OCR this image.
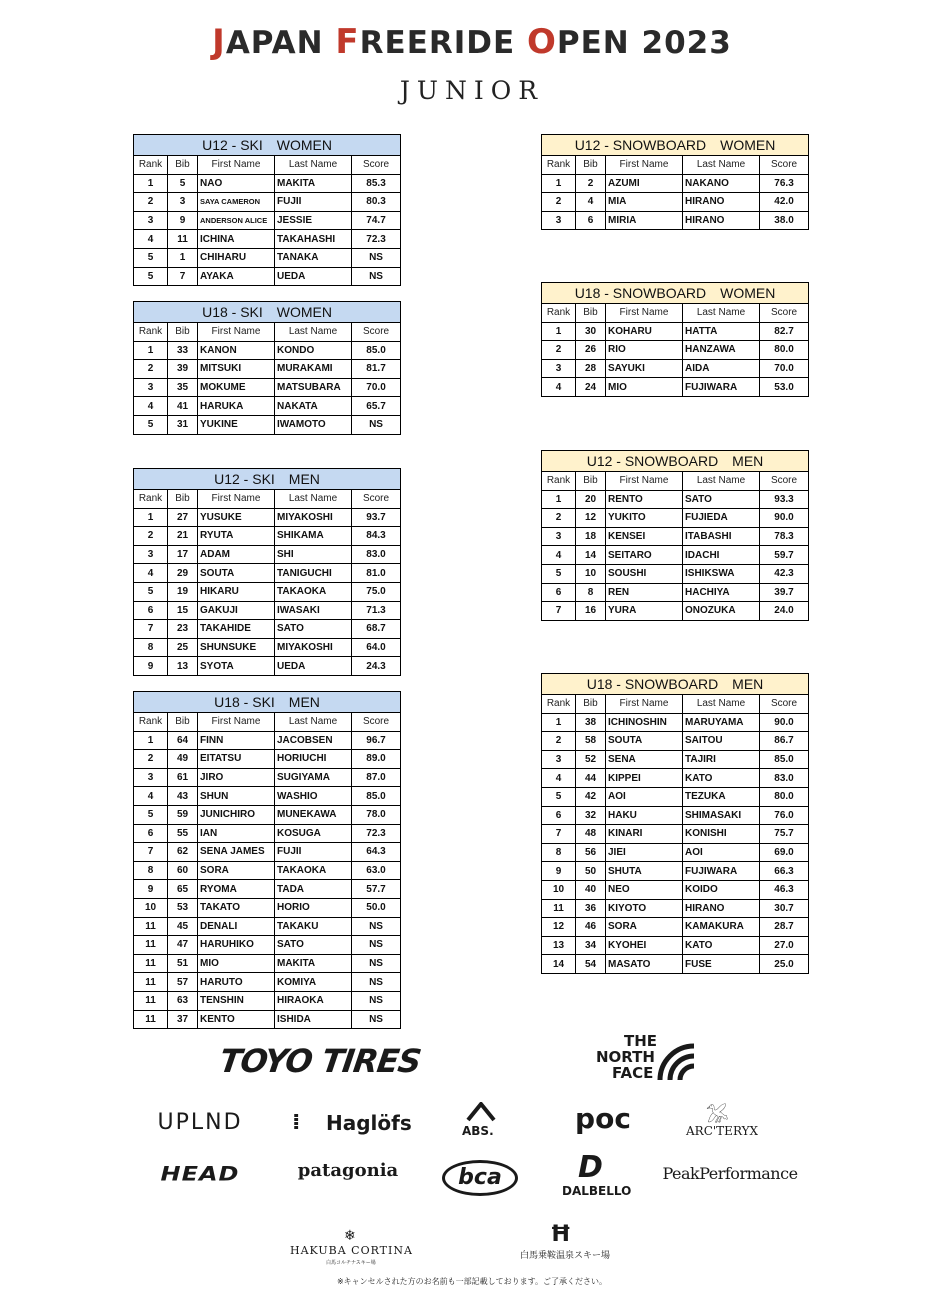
JAPAN FREERIDE OPEN 2023
JUNIOR
U12 - SKI　WOMEN				
Rank	Bib	First Name	Last Name	Score
1	5	NAO	MAKITA	85.3
2	3	SAYA CAMERON	FUJII	80.3
3	9	ANDERSON ALICE	JESSIE	74.7
4	11	ICHINA	TAKAHASHI	72.3
5	1	CHIHARU	TANAKA	NS
5	7	AYAKA	UEDA	NS
U18 - SKI　WOMEN				
Rank	Bib	First Name	Last Name	Score
1	33	KANON	KONDO	85.0
2	39	MITSUKI	MURAKAMI	81.7
3	35	MOKUME	MATSUBARA	70.0
4	41	HARUKA	NAKATA	65.7
5	31	YUKINE	IWAMOTO	NS
U12 - SKI　MEN				
Rank	Bib	First Name	Last Name	Score
1	27	YUSUKE	MIYAKOSHI	93.7
2	21	RYUTA	SHIKAMA	84.3
3	17	ADAM	SHI	83.0
4	29	SOUTA	TANIGUCHI	81.0
5	19	HIKARU	TAKAOKA	75.0
6	15	GAKUJI	IWASAKI	71.3
7	23	TAKAHIDE	SATO	68.7
8	25	SHUNSUKE	MIYAKOSHI	64.0
9	13	SYOTA	UEDA	24.3
U18 - SKI　MEN				
Rank	Bib	First Name	Last Name	Score
1	64	FINN	JACOBSEN	96.7
2	49	EITATSU	HORIUCHI	89.0
3	61	JIRO	SUGIYAMA	87.0
4	43	SHUN	WASHIO	85.0
5	59	JUNICHIRO	MUNEKAWA	78.0
6	55	IAN	KOSUGA	72.3
7	62	SENA JAMES	FUJII	64.3
8	60	SORA	TAKAOKA	63.0
9	65	RYOMA	TADA	57.7
10	53	TAKATO	HORIO	50.0
11	45	DENALI	TAKAKU	NS
11	47	HARUHIKO	SATO	NS
11	51	MIO	MAKITA	NS
11	57	HARUTO	KOMIYA	NS
11	63	TENSHIN	HIRAOKA	NS
11	37	KENTO	ISHIDA	NS
U12 - SNOWBOARD　WOMEN				
Rank	Bib	First Name	Last Name	Score
1	2	AZUMI	NAKANO	76.3
2	4	MIA	HIRANO	42.0
3	6	MIRIA	HIRANO	38.0
U18 - SNOWBOARD　WOMEN				
Rank	Bib	First Name	Last Name	Score
1	30	KOHARU	HATTA	82.7
2	26	RIO	HANZAWA	80.0
3	28	SAYUKI	AIDA	70.0
4	24	MIO	FUJIWARA	53.0
U12 - SNOWBOARD　MEN				
Rank	Bib	First Name	Last Name	Score
1	20	RENTO	SATO	93.3
2	12	YUKITO	FUJIEDA	90.0
3	18	KENSEI	ITABASHI	78.3
4	14	SEITARO	IDACHI	59.7
5	10	SOUSHI	ISHIKSWA	42.3
6	8	REN	HACHIYA	39.7
7	16	YURA	ONOZUKA	24.0
U18 - SNOWBOARD　MEN				
Rank	Bib	First Name	Last Name	Score
1	38	ICHINOSHIN	MARUYAMA	90.0
2	58	SOUTA	SAITOU	86.7
3	52	SENA	TAJIRI	85.0
4	44	KIPPEI	KATO	83.0
5	42	AOI	TEZUKA	80.0
6	32	HAKU	SHIMASAKI	76.0
7	48	KINARI	KONISHI	75.7
8	56	JIEI	AOI	69.0
9	50	SHUTA	FUJIWARA	66.3
10	40	NEO	KOIDO	46.3
11	36	KIYOTO	HIRANO	30.7
12	46	SORA	KAMAKURA	28.7
13	34	KYOHEI	KATO	27.0
14	54	MASATO	FUSE	25.0
TOYO TIRES
THE
NORTH
FACE
UPLND	⁞ Haglöfs	ABS.	poc	𓅮
ARC'TERYX
HEAD	patagonia	bca	D
DALBELLO
PeakPerformance
❄
HAKUBA CORTINA
白馬コルチナスキー場
Ħ
白馬乗鞍温泉スキー場
※キャンセルされた方のお名前も一部記載しております。ご了承ください。
